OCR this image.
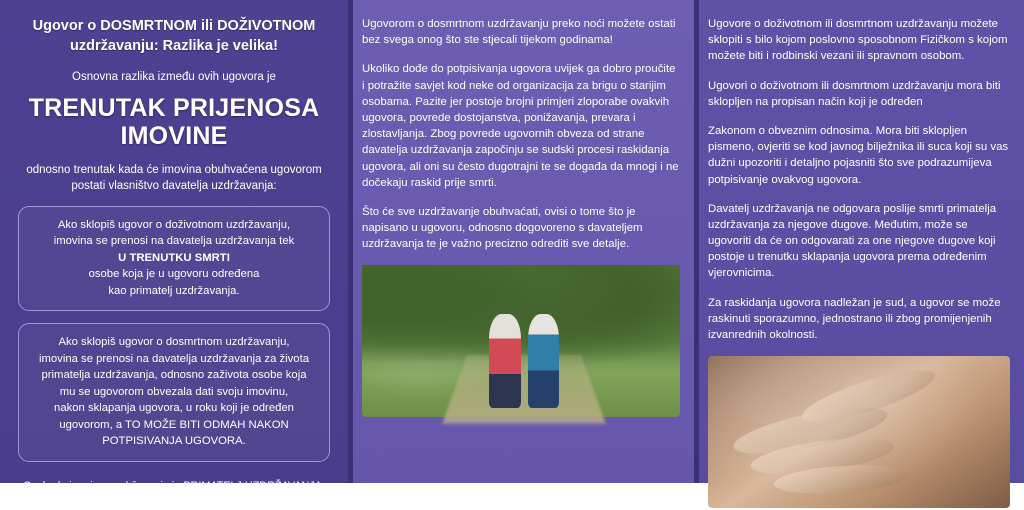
Ugovor o DOSMRTNOM ili DOŽIVOTNOM uzdržavanju: Razlika je velika!
Osnovna razlika između ovih ugovora je
TRENUTAK PRIJENOSA IMOVINE
odnosno trenutak kada će imovina obuhvaćena ugovorom postati vlasništvo davatelja uzdržavanja:
Ako sklopiš ugovor o doživotnom uzdržavanju,
imovina se prenosi na davatelja uzdržavanja tek
U TRENUTKU SMRTI
osobe koja je u ugovoru određena
kao primatelj uzdržavanja.
Ako sklopiš ugovor o dosmrtnom uzdržavanju,
imovina se prenosi na davatelja uzdržavanja za života
primatelja uzdržavanja, odnosno zaživota osobe koja
mu se ugovorom obvezala dati svoju imovinu,
nakon sklapanja ugovora, u roku koji je određen
ugovorom, a TO MOŽE BITI ODMAH NAKON
POTPISIVANJA UGOVORA.
Osoba koja prima uzdržavanje je PRIMATELJ UZDRŽAVANJA,
a osoba koja pruža uzdržavanje je DAVATELJ UZDRŽAVANJA.

Ugovorom o dosmrtnom uzdržavanju preko noći možete ostati bez svega onog što ste stjecali tijekom godinama!

Ukoliko dođe do potpisivanja ugovora uvijek ga dobro proučite i potražite savjet kod neke od organizacija za brigu o starijim osobama. Pazite jer postoje brojni primjeri zloporabe ovakvih ugovora, povrede dostojanstva, ponižavanja, prevara i zlostavljanja. Zbog povrede ugovornih obveza od strane davatelja uzdržavanja započinju se sudski procesi raskidanja ugovora, ali oni su često dugotrajni te se događa da mnogi i ne dočekaju raskid prije smrti.

Što će sve uzdržavanje obuhvaćati, ovisi o tome što je napisano u ugovoru, odnosno dogovoreno s davateljem uzdržavanja te je važno precizno odrediti sve detalje.

Ugovore o doživotnom ili dosmrtnom uzdržavanju možete sklopiti s bilo kojom poslovno sposobnom Fizičkom s kojom možete biti i rodbinski vezani ili spravnom osobom.

Ugovori o doživotnom ili dosmrtnom uzdržavanju mora biti sklopljen na propisan način koji je određen

Zakonom o obveznim odnosima. Mora biti sklopljen pismeno, ovjeriti se kod javnog bilježnika ili suca koji su vas dužni upozoriti i detaljno pojasniti što sve podrazumijeva potpisivanje ovakvog ugovora.

Davatelj uzdržavanja ne odgovara poslije smrti primatelja uzdržavanja za njegove dugove. Međutim, može se ugovoriti da će on odgovarati za one njegove dugove koji postoje u trenutku sklapanja ugovora prema određenim vjerovnicima.

Za raskidanja ugovora nadležan je sud, a ugovor se može raskinuti sporazumno, jednostrano ili zbog promijenjenih izvanrednih okolnosti.
